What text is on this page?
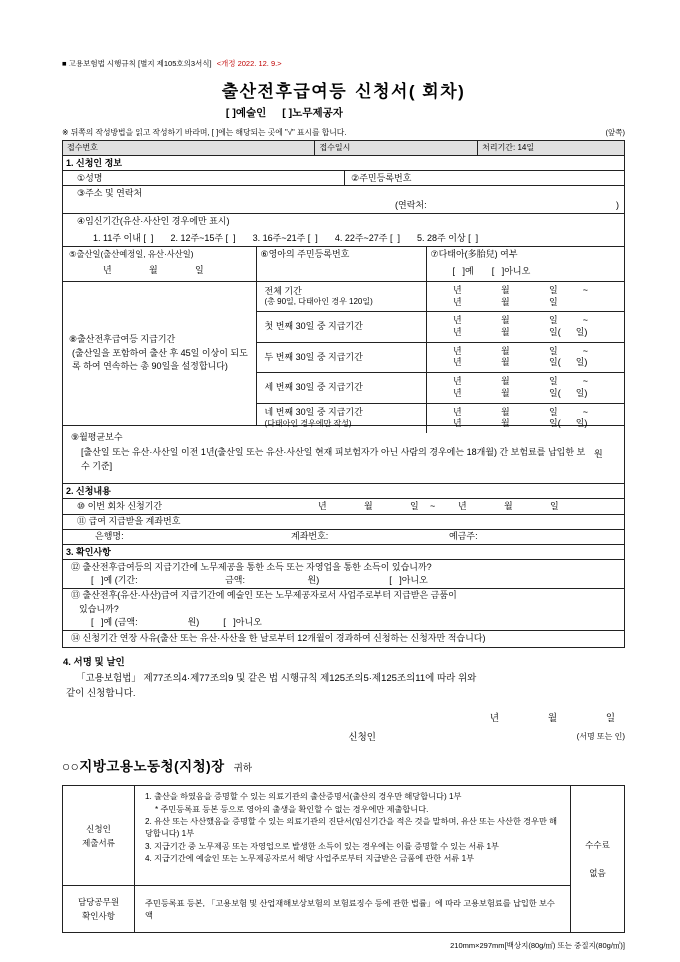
■ 고용보험법 시행규칙 [별지 제105호의3서식] <개정 2022. 12. 9.>
출산전후급여등
[ ]예술인 [ ]노무제공자
신청서( 회차)
※ 뒤쪽의 작성방법을 읽고 작성하기 바라며, [ ]에는 해당되는 곳에 "√" 표시를 합니다.	(앞쪽)
접수번호	접수일시	처리기간: 14일
1. 신청인 정보
①성명	②주민등록번호
③주소 및 연락처
(연락처:	)
④임신기간(유산·사산인 경우에만 표시)
1. 11주 이내 [  ] 2. 12주~15주 [  ] 3. 16주~21주 [  ] 4. 22주~27주 [  ] 5. 28주 이상 [  ]
⑤출산일(출산예정일, 유산·사산일)
년	월	일
⑥영아의 주민등록번호	⑦다태아(多胎兒) 여부
[   ]예 [   ]아니오
⑧출산전후급여등 지급기간
(출산일을 포함하여 출산 후 45일 이상이 되도록 하여 연속하는 총 90일을 설정합니다)
전체 기간
(총 90일, 다태아인 경우 120일)
년	월	일          ~
년	월	일
첫 번째 30일 중 지급기간
년	월	일          ~
년	월	일(      일)
두 번째 30일 중 지급기간
년	월	일          ~
년	월	일(      일)
세 번째 30일 중 지급기간
년	월	일          ~
년	월	일(      일)
네 번째 30일 중 지급기간
(다태아인 경우에만 작성)
년	월	일          ~
년	월	일(      일)
⑨월평균보수
[출산일 또는 유산·사산일 이전 1년(출산일 또는 유산·사산일 현재 피보험자가 아닌 사람의 경우에는 18개월) 간 보험료를 납입한 보수 기준]
원
2. 신청내용
⑩ 이번 회차 신청기간	년	월	일	~	년	월	일
⑪ 급여 지급받을 계좌번호
은행명:	계좌번호:	예금주:
3. 확인사항
⑫ 출산전후급여등의 지급기간에 노무제공을 통한 소득 또는 자영업을 통한 소득이 있습니까?
[   ]예 (기간:                                   금액:                         원)	[   ]아니오
⑬ 출산전후(유산·사산)급여 지급기간에 예술인 또는 노무제공자로서 사업주로부터 지급받은 금품이
있습니까?
[   ]예 (금액:                    원)	[   ]아니오
⑭ 신청기간 연장 사유(출산 또는 유산·사산을 한 날로부터 12개월이 경과하여 신청하는 신청자만 적습니다)
4. 서명 및 날인
「고용보험법」 제77조의4·제77조의9 및 같은 법 시행규칙 제125조의5·제125조의11에 따라 위와
같이 신청합니다.
년	월	일
신청인	(서명 또는 인)
○○지방고용노동청(지청)장 귀하
신청인
제출서류
1. 출산을 하였음을 증명할 수 있는 의료기관의 출산증명서(출산의 경우만 해당합니다) 1부
* 주민등록표 등본 등으로 영아의 출생을 확인할 수 없는 경우에만 제출합니다.
2. 유산 또는 사산했음을 증명할 수 있는 의료기관의 진단서(임신기간을 적은 것을 말하며, 유산 또는 사산한 경우만 해당합니다) 1부
3. 지급기간 중 노무제공 또는 자영업으로 발생한 소득이 있는 경우에는 이를 증명할 수 있는 서류 1부
4. 지급기간에 예술인 또는 노무제공자로서 해당 사업주로부터 지급받은 금품에 관한 서류 1부
담당공무원
확인사항
주민등록표 등본, 「고용보험 및 산업재해보상보험의 보험료징수 등에 관한 법률」에 따라 고용보험료를 납입한 보수액
수수료
없음
210mm×297mm[백상지(80g/㎡) 또는 중질지(80g/㎡)]
